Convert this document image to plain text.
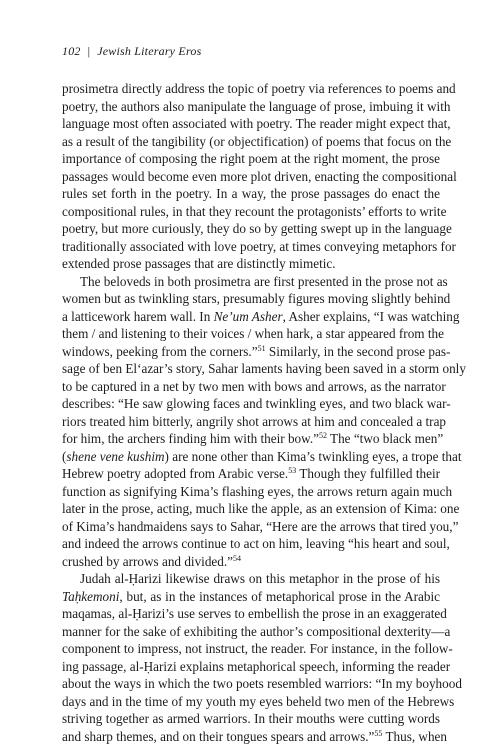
102 | Jewish Literary Eros

prosimetra directly address the topic of poetry via references to poems and
poetry, the authors also manipulate the language of prose, imbuing it with
language most often associated with poetry. The reader might expect that,
as a result of the tangibility (or objectification) of poems that focus on the
importance of composing the right poem at the right moment, the prose
passages would become even more plot driven, enacting the compositional
rules set forth in the poetry. In a way, the prose passages do enact the
compositional rules, in that they recount the protagonists’ efforts to write
poetry, but more curiously, they do so by getting swept up in the language
traditionally associated with love poetry, at times conveying metaphors for
extended prose passages that are distinctly mimetic.

The beloveds in both prosimetra are first presented in the prose not as
women but as twinkling stars, presumably figures moving slightly behind
a latticework harem wall. In Ne’um Asher, Asher explains, “I was watching
them / and listening to their voices / when hark, a star appeared from the
windows, peeking from the corners.”$^{51}$ Similarly, in the second prose pas-
sage of ben El‘azar’s story, Sahar laments having been saved in a storm only
to be captured in a net by two men with bows and arrows, as the narrator
describes: “He saw glowing faces and twinkling eyes, and two black war-
riors treated him bitterly, angrily shot arrows at him and concealed a trap
for him, the archers finding him with their bow.”$^{52}$ The “two black men”
(shene vene kushim) are none other than Kima’s twinkling eyes, a trope that
Hebrew poetry adopted from Arabic verse.$^{53}$ Though they fulfilled their
function as signifying Kima’s flashing eyes, the arrows return again much
later in the prose, acting, much like the apple, as an extension of Kima: one
of Kima’s handmaidens says to Sahar, “Here are the arrows that tired you,”
and indeed the arrows continue to act on him, leaving “his heart and soul,
crushed by arrows and divided.”$^{54}$

Judah al-Ḥarizi likewise draws on this metaphor in the prose of his
Taḥkemoni, but, as in the instances of metaphorical prose in the Arabic
maqamas, al-Ḥarizi’s use serves to embellish the prose in an exaggerated
manner for the sake of exhibiting the author’s compositional dexterity—a
component to impress, not instruct, the reader. For instance, in the follow-
ing passage, al-Ḥarizi explains metaphorical speech, informing the reader
about the ways in which the two poets resembled warriors: “In my boyhood
days and in the time of my youth my eyes beheld two men of the Hebrews
striving together as armed warriors. In their mouths were cutting words
and sharp themes, and on their tongues spears and arrows.”$^{55}$ Thus, when
